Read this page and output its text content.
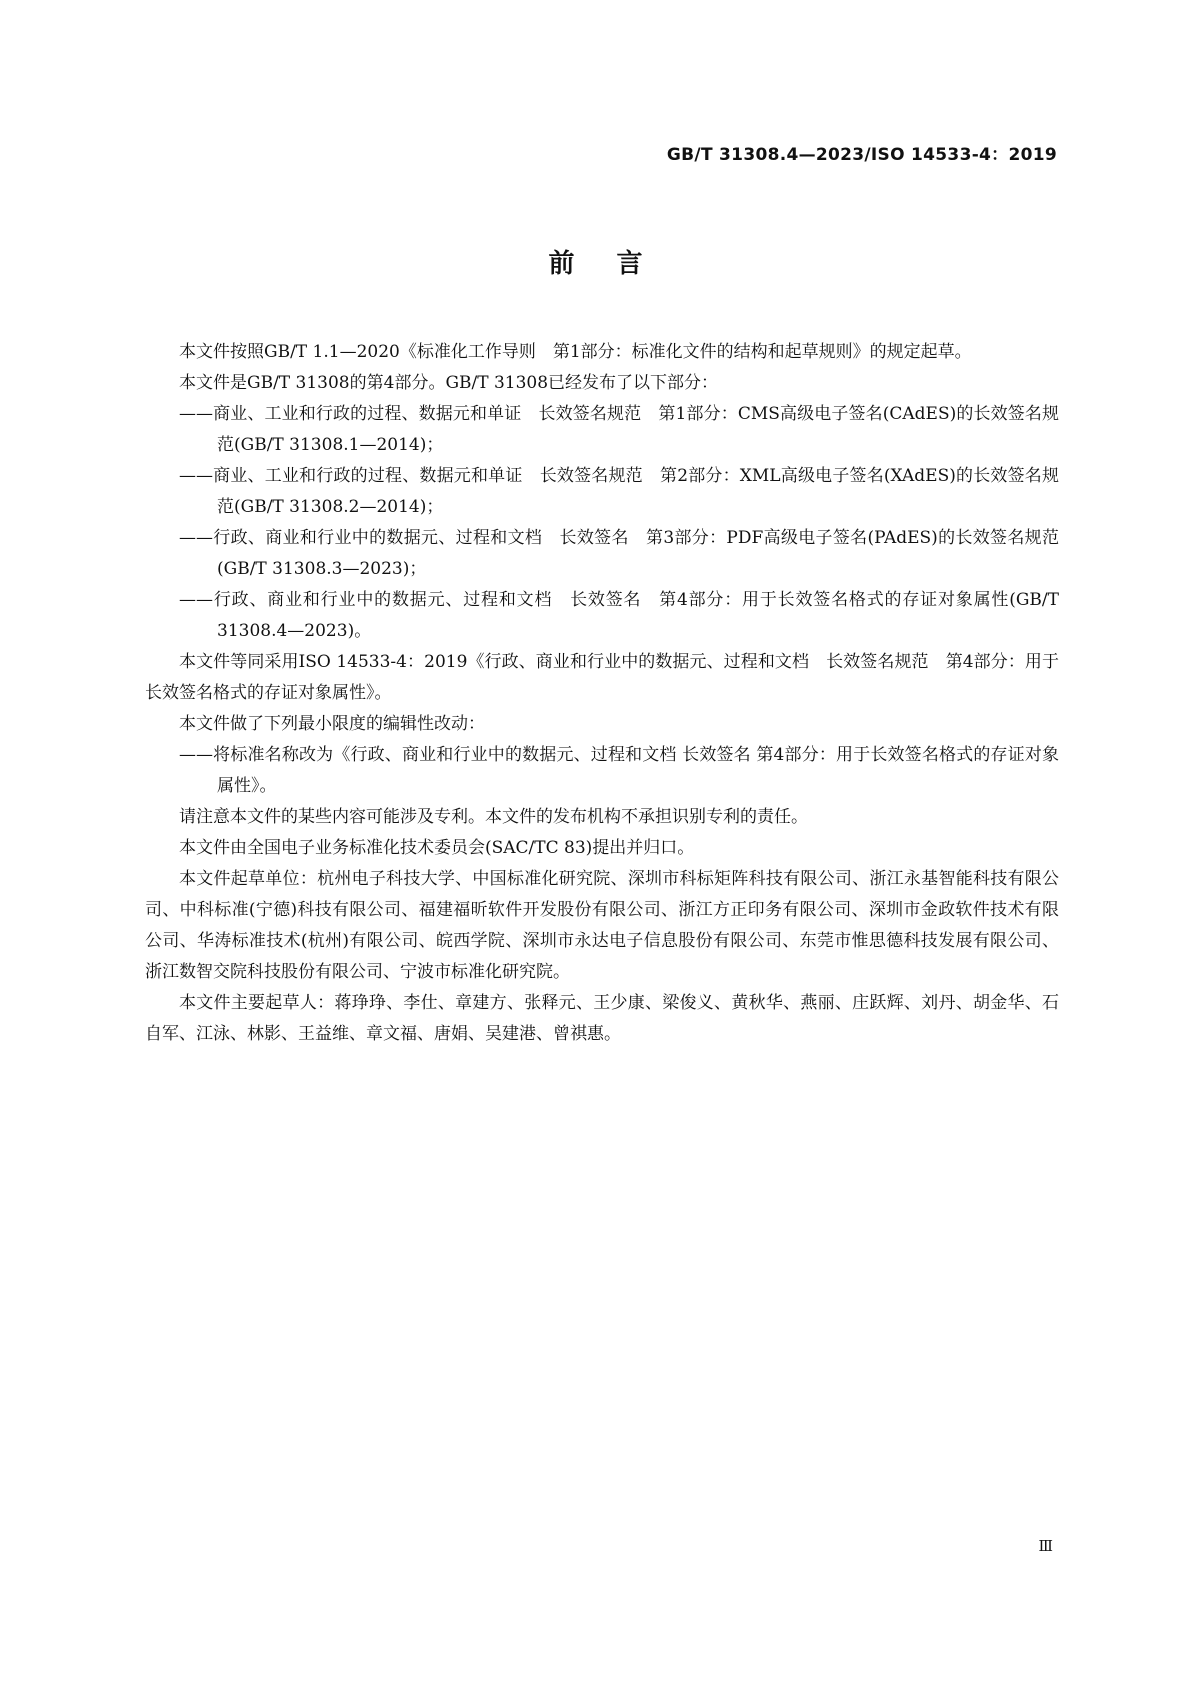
GB/T 31308.4—2023/ISO 14533-4：2019
前言

本文件按照GB/T 1.1—2020《标准化工作导则　第1部分：标准化文件的结构和起草规则》的规定起草。

本文件是GB/T 31308的第4部分。GB/T 31308已经发布了以下部分：

——商业、工业和行政的过程、数据元和单证　长效签名规范　第1部分：CMS高级电子签名(CAdES)的长效签名规范(GB/T 31308.1—2014)；

——商业、工业和行政的过程、数据元和单证　长效签名规范　第2部分：XML高级电子签名(XAdES)的长效签名规范(GB/T 31308.2—2014)；

——行政、商业和行业中的数据元、过程和文档　长效签名　第3部分：PDF高级电子签名(PAdES)的长效签名规范(GB/T 31308.3—2023)；

——行政、商业和行业中的数据元、过程和文档　长效签名　第4部分：用于长效签名格式的存证对象属性(GB/T 31308.4—2023)。

本文件等同采用ISO 14533-4：2019《行政、商业和行业中的数据元、过程和文档　长效签名规范　第4部分：用于长效签名格式的存证对象属性》。

本文件做了下列最小限度的编辑性改动：

——将标准名称改为《行政、商业和行业中的数据元、过程和文档 长效签名 第4部分：用于长效签名格式的存证对象属性》。

请注意本文件的某些内容可能涉及专利。本文件的发布机构不承担识别专利的责任。

本文件由全国电子业务标准化技术委员会(SAC/TC 83)提出并归口。

本文件起草单位：杭州电子科技大学、中国标准化研究院、深圳市科标矩阵科技有限公司、浙江永基智能科技有限公司、中科标准(宁德)科技有限公司、福建福昕软件开发股份有限公司、浙江方正印务有限公司、深圳市金政软件技术有限公司、华涛标准技术(杭州)有限公司、皖西学院、深圳市永达电子信息股份有限公司、东莞市惟思德科技发展有限公司、浙江数智交院科技股份有限公司、宁波市标准化研究院。

本文件主要起草人：蒋琤琤、李仕、章建方、张释元、王少康、梁俊义、黄秋华、燕丽、庄跃辉、刘丹、胡金华、石自军、江泳、林影、王益维、章文福、唐娟、吴建港、曾祺惠。

Ⅲ
